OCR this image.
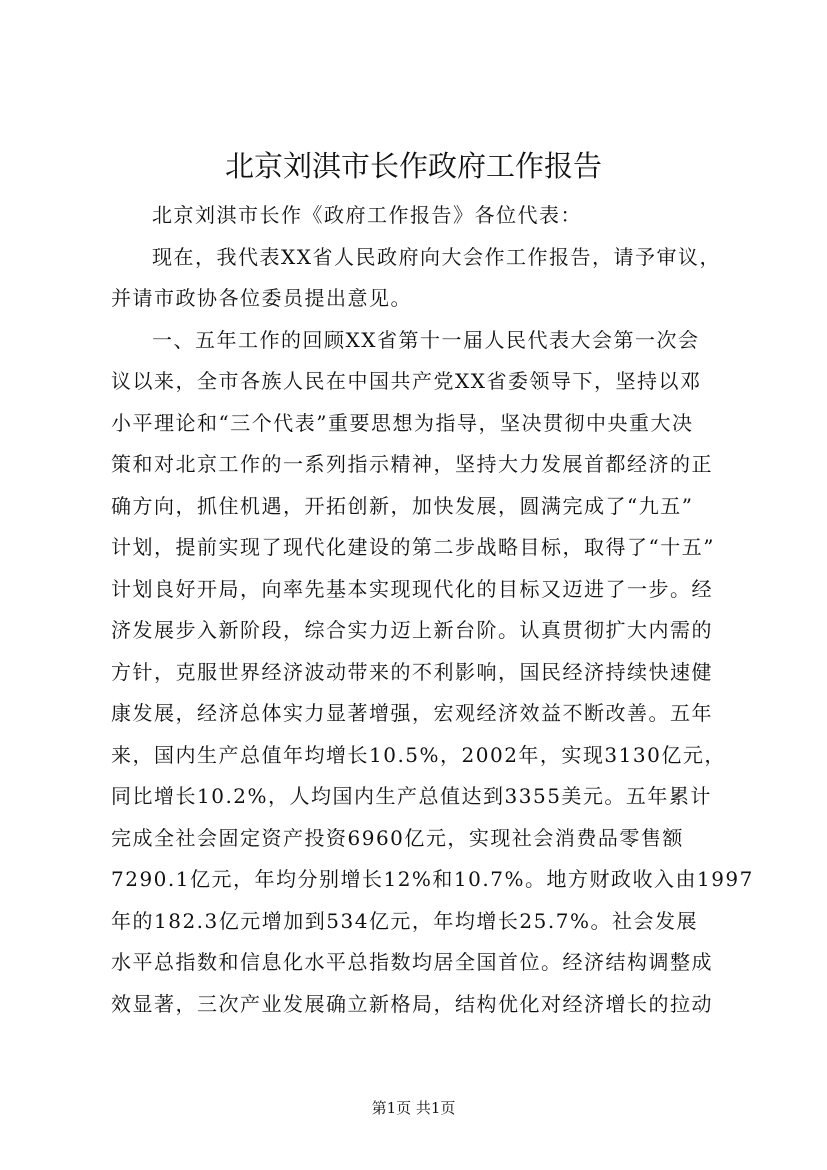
北京刘淇市长作政府工作报告
北京刘淇市长作《政府工作报告》各位代表：
现在，我代表XX省人民政府向大会作工作报告，请予审议，
并请市政协各位委员提出意见。
一、五年工作的回顾XX省第十一届人民代表大会第一次会
议以来，全市各族人民在中国共产党XX省委领导下，坚持以邓
小平理论和“三个代表”重要思想为指导，坚决贯彻中央重大决
策和对北京工作的一系列指示精神，坚持大力发展首都经济的正
确方向，抓住机遇，开拓创新，加快发展，圆满完成了“九五”
计划，提前实现了现代化建设的第二步战略目标，取得了“十五”
计划良好开局，向率先基本实现现代化的目标又迈进了一步。经
济发展步入新阶段，综合实力迈上新台阶。认真贯彻扩大内需的
方针，克服世界经济波动带来的不利影响，国民经济持续快速健
康发展，经济总体实力显著增强，宏观经济效益不断改善。五年
来，国内生产总值年均增长10.5%，2002年，实现3130亿元，
同比增长10.2%，人均国内生产总值达到3355美元。五年累计
完成全社会固定资产投资6960亿元，实现社会消费品零售额
7290.1亿元，年均分别增长12%和10.7%。地方财政收入由1997
年的182.3亿元增加到534亿元，年均增长25.7%。社会发展
水平总指数和信息化水平总指数均居全国首位。经济结构调整成
效显著，三次产业发展确立新格局，结构优化对经济增长的拉动
第1页 共1页
